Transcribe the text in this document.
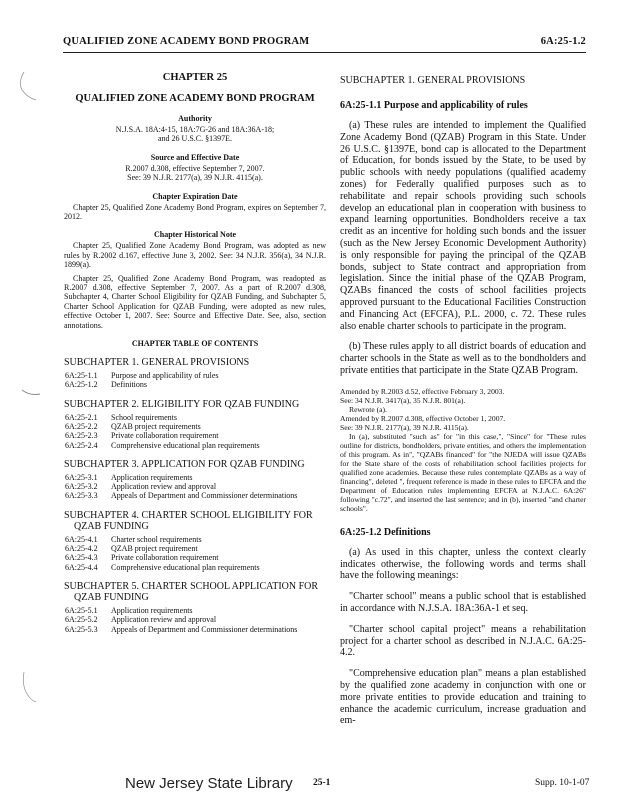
QUALIFIED ZONE ACADEMY BOND PROGRAM	6A:25-1.2
CHAPTER 25
QUALIFIED ZONE ACADEMY BOND PROGRAM
Authority
N.J.S.A. 18A:4-15, 18A:7G-26 and 18A:36A-18;
and 26 U.S.C. §1397E.
Source and Effective Date
R.2007 d.308, effective September 7, 2007.
See: 39 N.J.R. 2177(a), 39 N.J.R. 4115(a).
Chapter Expiration Date
Chapter 25, Qualified Zone Academy Bond Program, expires on September 7, 2012.
Chapter Historical Note
Chapter 25, Qualified Zone Academy Bond Program, was adopted as new rules by R.2002 d.167, effective June 3, 2002. See: 34 N.J.R. 356(a), 34 N.J.R. 1899(a).
Chapter 25, Qualified Zone Academy Bond Program, was readopted as R.2007 d.308, effective September 7, 2007. As a part of R.2007 d.308, Subchapter 4, Charter School Eligibility for QZAB Funding, and Subchapter 5, Charter School Application for QZAB Funding, were adopted as new rules, effective October 1, 2007. See: Source and Effective Date. See, also, section annotations.
CHAPTER TABLE OF CONTENTS
SUBCHAPTER 1. GENERAL PROVISIONS
6A:25-1.1	Purpose and applicability of rules
6A:25-1.2	Definitions
SUBCHAPTER 2. ELIGIBILITY FOR QZAB FUNDING
6A:25-2.1	School requirements
6A:25-2.2	QZAB project requirements
6A:25-2.3	Private collaboration requirement
6A:25-2.4	Comprehensive educational plan requirements
SUBCHAPTER 3. APPLICATION FOR QZAB FUNDING
6A:25-3.1	Application requirements
6A:25-3.2	Application review and approval
6A:25-3.3	Appeals of Department and Commissioner determinations
SUBCHAPTER 4. CHARTER SCHOOL ELIGIBILITY FOR
QZAB FUNDING
6A:25-4.1	Charter school requirements
6A:25-4.2	QZAB project requirement
6A:25-4.3	Private collaboration requirement
6A:25-4.4	Comprehensive educational plan requirements
SUBCHAPTER 5. CHARTER SCHOOL APPLICATION FOR
QZAB FUNDING
6A:25-5.1	Application requirements
6A:25-5.2	Application review and approval
6A:25-5.3	Appeals of Department and Commissioner determinations
SUBCHAPTER 1. GENERAL PROVISIONS
6A:25-1.1 Purpose and applicability of rules
(a) These rules are intended to implement the Qualified Zone Academy Bond (QZAB) Program in this State. Under 26 U.S.C. §1397E, bond cap is allocated to the Department of Education, for bonds issued by the State, to be used by public schools with needy populations (qualified academy zones) for Federally qualified purposes such as to rehabilitate and repair schools providing such schools develop an educational plan in cooperation with business to expand learning opportunities. Bondholders receive a tax credit as an incentive for holding such bonds and the issuer (such as the New Jersey Economic Development Authority) is only responsible for paying the principal of the QZAB bonds, subject to State contract and appropriation from legislation. Since the initial phase of the QZAB Program, QZABs financed the costs of school facilities projects approved pursuant to the Educational Facilities Construction and Financing Act (EFCFA), P.L. 2000, c. 72. These rules also enable charter schools to participate in the program.
(b) These rules apply to all district boards of education and charter schools in the State as well as to the bondholders and private entities that participate in the State QZAB Program.
Amended by R.2003 d.52, effective February 3, 2003.
See: 34 N.J.R. 3417(a), 35 N.J.R. 801(a).
Rewrote (a).
Amended by R.2007 d.308, effective October 1, 2007.
See: 39 N.J.R. 2177(a), 39 N.J.R. 4115(a).
In (a), substituted "such as" for "in this case,", "Since" for "These rules outline for districts, bondholders, private entities, and others the implementation of this program. As in", "QZABs financed" for "the NJEDA will issue QZABs for the State share of the costs of rehabilitation school facilities projects for qualified zone academies. Because these rules contemplate QZABs as a way of financing", deleted ", frequent reference is made in these rules to EFCFA and the Department of Education rules implementing EFCFA at N.J.A.C. 6A:26" following "c.72", and inserted the last sentence; and in (b), inserted "and charter schools".
6A:25-1.2 Definitions
(a) As used in this chapter, unless the context clearly indicates otherwise, the following words and terms shall have the following meanings:
"Charter school" means a public school that is established in accordance with N.J.S.A. 18A:36A-1 et seq.
"Charter school capital project" means a rehabilitation project for a charter school as described in N.J.A.C. 6A:25-4.2.
"Comprehensive education plan" means a plan established by the qualified zone academy in conjunction with one or more private entities to provide education and training to enhance the academic curriculum, increase graduation and em-
New Jersey State Library 25-1	Supp. 10-1-07
